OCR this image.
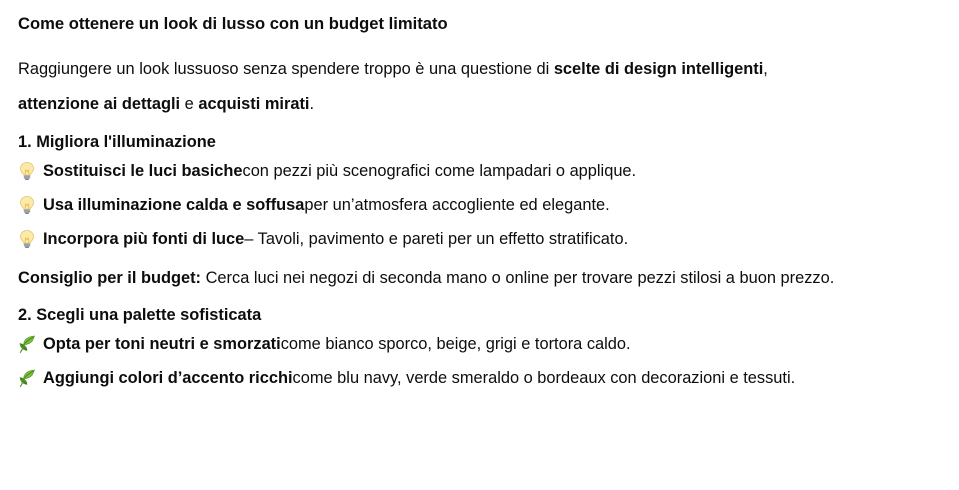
Come ottenere un look di lusso con un budget limitato
Raggiungere un look lussuoso senza spendere troppo è una questione di scelte di design intelligenti,
attenzione ai dettagli e acquisti mirati.
1. Migliora l'illuminazione
Sostituisci le luci basiche con pezzi più scenografici come lampadari o applique.
Usa illuminazione calda e soffusa per un’atmosfera accogliente ed elegante.
Incorpora più fonti di luce – Tavoli, pavimento e pareti per un effetto stratificato.
Consiglio per il budget: Cerca luci nei negozi di seconda mano o online per trovare pezzi stilosi a buon prezzo.
2. Scegli una palette sofisticata
Opta per toni neutri e smorzati come bianco sporco, beige, grigi e tortora caldo.
Aggiungi colori d’accento ricchi come blu navy, verde smeraldo o bordeaux con decorazioni e tessuti.
